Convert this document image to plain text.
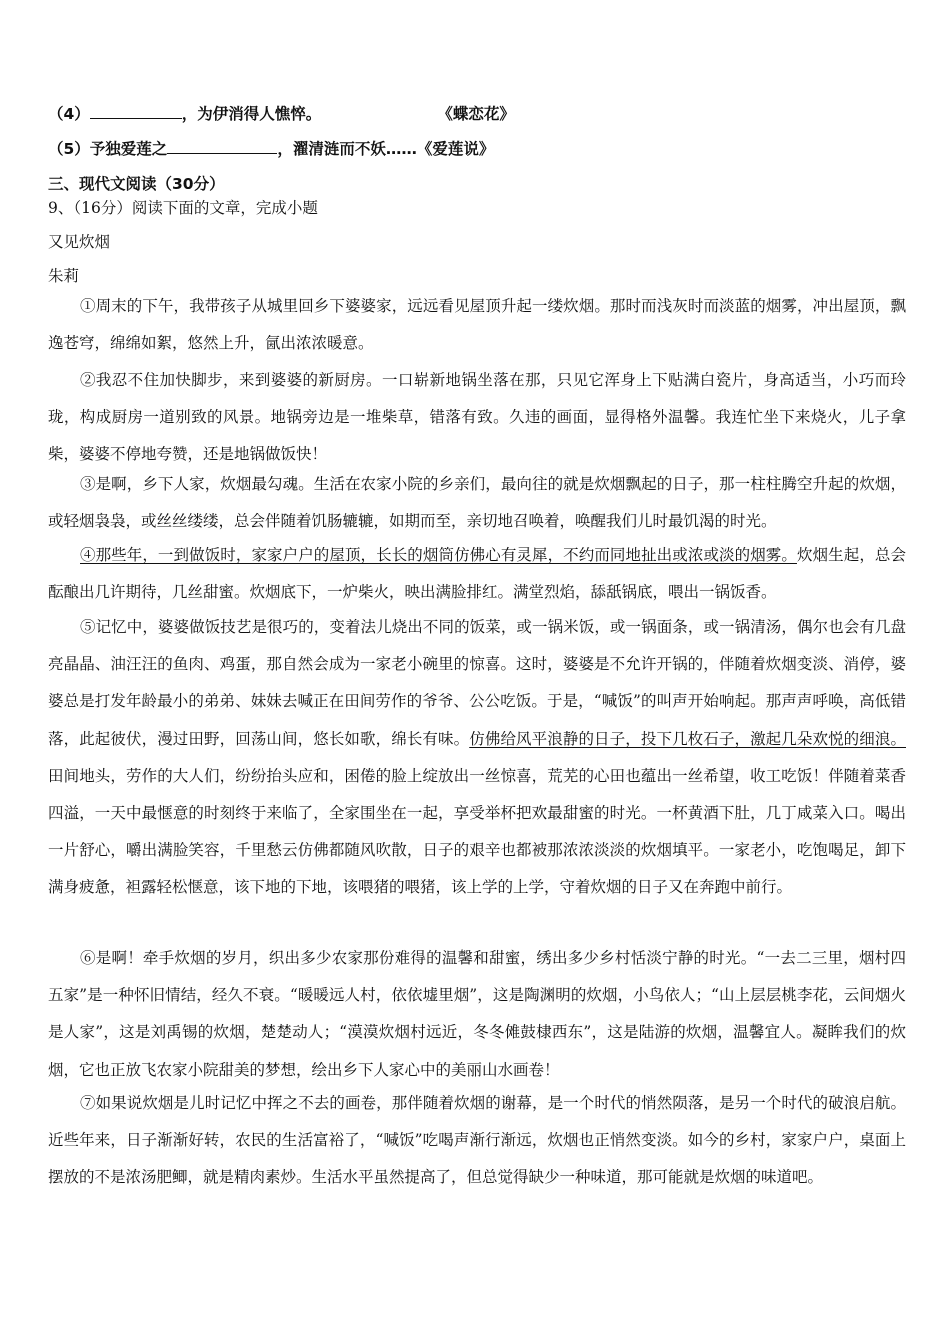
（4）	，为伊消得人憔悴。	《蝶恋花》
（5）予独爱莲之	，濯清涟而不妖……《爱莲说》
三、现代文阅读（30分）
9、（16分）阅读下面的文章，完成小题
又见炊烟
朱莉

①周末的下午，我带孩子从城里回乡下婆婆家，远远看见屋顶升起一缕炊烟。那时而浅灰时而淡蓝的烟雾，冲出屋顶，飘逸苍穹，绵绵如絮，悠然上升，氤出浓浓暖意。

②我忍不住加快脚步，来到婆婆的新厨房。一口崭新地锅坐落在那，只见它浑身上下贴满白瓷片，身高适当，小巧而玲珑，构成厨房一道别致的风景。地锅旁边是一堆柴草，错落有致。久违的画面，显得格外温馨。我连忙坐下来烧火，儿子拿柴，婆婆不停地夸赞，还是地锅做饭快！

③是啊，乡下人家，炊烟最勾魂。生活在农家小院的乡亲们，最向往的就是炊烟飘起的日子，那一柱柱腾空升起的炊烟，或轻烟袅袅，或丝丝缕缕，总会伴随着饥肠辘辘，如期而至，亲切地召唤着，唤醒我们儿时最饥渴的时光。

④那些年，一到做饭时，家家户户的屋顶，长长的烟筒仿佛心有灵犀，不约而同地扯出或浓或淡的烟雾。炊烟生起，总会酝酿出几许期待，几丝甜蜜。炊烟底下，一炉柴火，映出满脸排红。满堂烈焰，舔舐锅底，喂出一锅饭香。

⑤记忆中，婆婆做饭技艺是很巧的，变着法儿烧出不同的饭菜，或一锅米饭，或一锅面条，或一锅清汤，偶尔也会有几盘亮晶晶、油汪汪的鱼肉、鸡蛋，那自然会成为一家老小碗里的惊喜。这时，婆婆是不允许开锅的，伴随着炊烟变淡、消停，婆婆总是打发年龄最小的弟弟、妹妹去喊正在田间劳作的爷爷、公公吃饭。于是，“喊饭”的叫声开始响起。那声声呼唤，高低错落，此起彼伏，漫过田野，回荡山间，悠长如歌，绵长有味。仿佛给风平浪静的日子，投下几枚石子，激起几朵欢悦的细浪。田间地头，劳作的大人们，纷纷抬头应和，困倦的脸上绽放出一丝惊喜，荒芜的心田也蕴出一丝希望，收工吃饭！伴随着菜香四溢，一天中最惬意的时刻终于来临了，全家围坐在一起，享受举杯把欢最甜蜜的时光。一杯黄酒下肚，几丁咸菜入口。喝出一片舒心，嚼出满脸笑容，千里愁云仿佛都随风吹散，日子的艰辛也都被那浓浓淡淡的炊烟填平。一家老小，吃饱喝足，卸下满身疲惫，袒露轻松惬意，该下地的下地，该喂猪的喂猪，该上学的上学，守着炊烟的日子又在奔跑中前行。

⑥是啊！牵手炊烟的岁月，织出多少农家那份难得的温馨和甜蜜，绣出多少乡村恬淡宁静的时光。“一去二三里，烟村四五家”是一种怀旧情结，经久不衰。“暖暖远人村，依依墟里烟”，这是陶渊明的炊烟，小鸟依人；“山上层层桃李花，云间烟火是人家”，这是刘禹锡的炊烟，楚楚动人；“漠漠炊烟村远近，冬冬傩鼓棣西东”，这是陆游的炊烟，温馨宜人。凝眸我们的炊烟，它也正放飞农家小院甜美的梦想，绘出乡下人家心中的美丽山水画卷！

⑦如果说炊烟是儿时记忆中挥之不去的画卷，那伴随着炊烟的谢幕，是一个时代的悄然陨落，是另一个时代的破浪启航。近些年来，日子渐渐好转，农民的生活富裕了，“喊饭”吃喝声渐行渐远，炊烟也正悄然变淡。如今的乡村，家家户户，桌面上摆放的不是浓汤肥鲫，就是精肉素炒。生活水平虽然提高了，但总觉得缺少一种味道，那可能就是炊烟的味道吧。
